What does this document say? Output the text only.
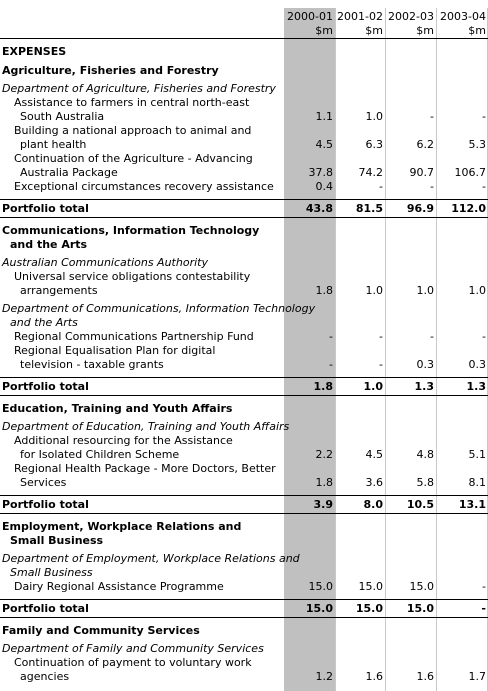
2000-01 2001-02 2002-03 2003-04
$m	$m	$m	$m
EXPENSES
Agriculture, Fisheries and Forestry
Department of Agriculture, Fisheries and Forestry
Assistance to farmers in central north-east
South Australia	1.1	1.0	-	-
Building a national approach to animal and
plant health	4.5	6.3	6.2	5.3
Continuation of the Agriculture - Advancing
Australia Package	37.8	74.2	90.7	106.7
Exceptional circumstances recovery assistance	0.4	-	-	-
Portfolio total	43.8	81.5	96.9	112.0
Communications, Information Technology
and the Arts
Australian Communications Authority
Universal service obligations contestability
arrangements	1.8	1.0	1.0	1.0
Department of Communications, Information Technology
and the Arts
Regional Communications Partnership Fund	-	-	-	-
Regional Equalisation Plan for digital
television - taxable grants	-	-	0.3	0.3
Portfolio total	1.8	1.0	1.3	1.3
Education, Training and Youth Affairs
Department of Education, Training and Youth Affairs
Additional resourcing for the Assistance
for Isolated Children Scheme	2.2	4.5	4.8	5.1
Regional Health Package - More Doctors, Better
Services	1.8	3.6	5.8	8.1
Portfolio total	3.9	8.0	10.5	13.1
Employment, Workplace Relations and
Small Business
Department of Employment, Workplace Relations and
Small Business
Dairy Regional Assistance Programme	15.0	15.0	15.0	-
Portfolio total	15.0	15.0	15.0	-
Family and Community Services
Department of Family and Community Services
Continuation of payment to voluntary work
agencies	1.2	1.6	1.6	1.7
